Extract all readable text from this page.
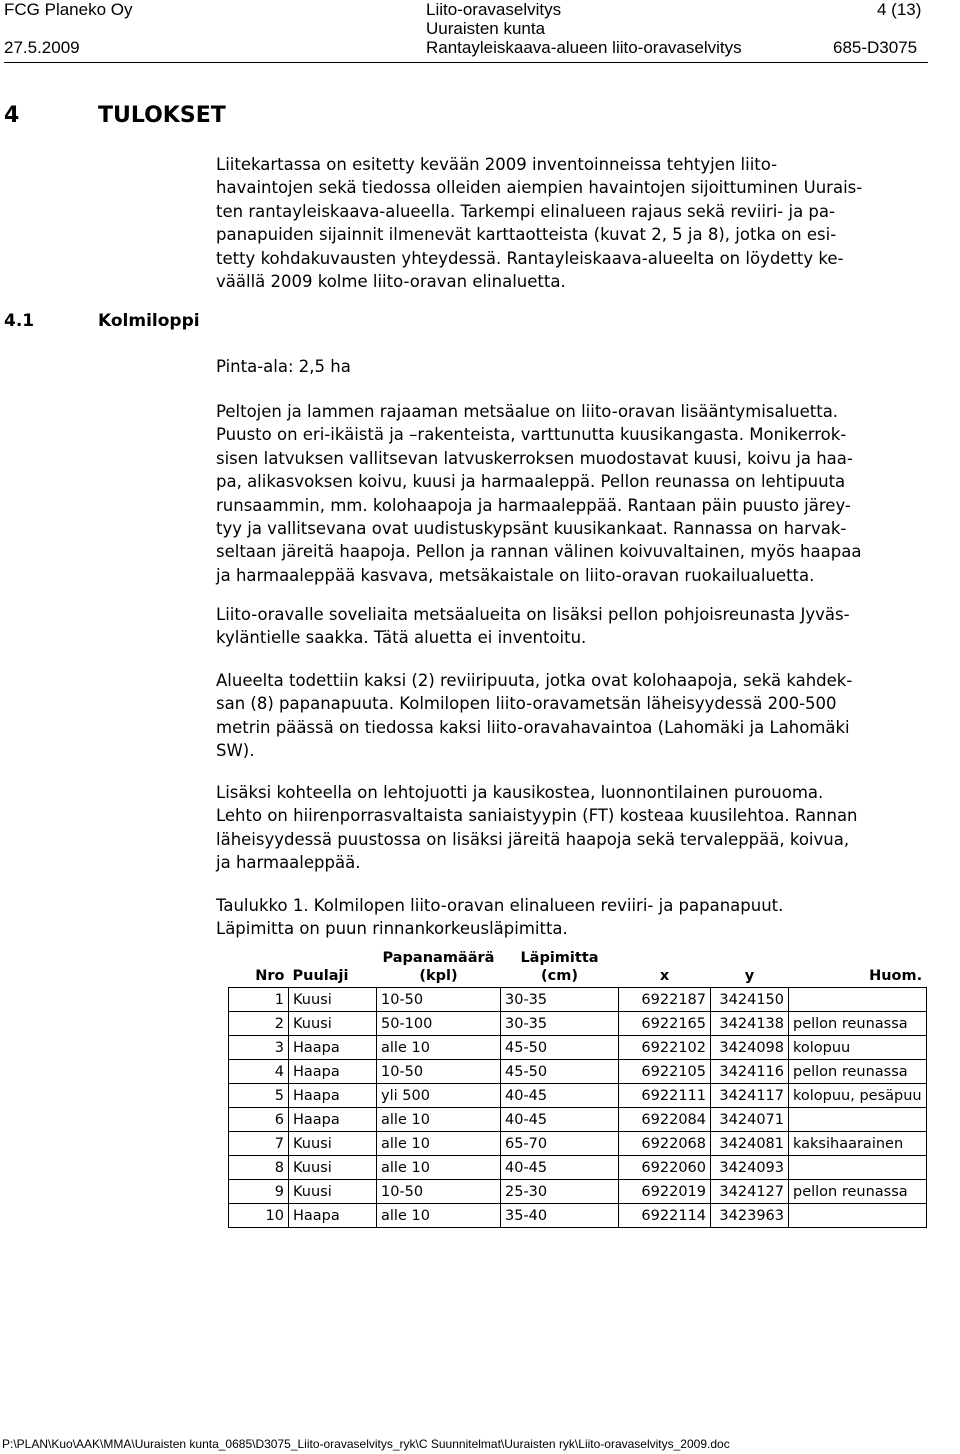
FCG Planeko Oy	Liito-oravaselvitys
Uuraisten kunta
Rantayleiskaava-alueen liito-oravaselvitys
4 (13)
27.5.2009	685-D3075
4	TULOKSET
4.1	Kolmiloppi
Liitekartassa on esitetty kevään 2009 inventoinneissa tehtyjen liito-
havaintojen sekä tiedossa olleiden aiempien havaintojen sijoittuminen Uurais-
ten rantayleiskaava-alueella. Tarkempi elinalueen rajaus sekä reviiri- ja pa-
panapuiden sijainnit ilmenevät karttaotteista (kuvat 2, 5 ja 8), jotka on esi-
tetty kohdakuvausten yhteydessä. Rantayleiskaava-alueelta on löydetty ke-
väällä 2009 kolme liito-oravan elinaluetta.
Pinta-ala: 2,5 ha
Peltojen ja lammen rajaaman metsäalue on liito-oravan lisääntymisaluetta.
Puusto on eri-ikäistä ja –rakenteista, varttunutta kuusikangasta. Monikerrok-
sisen latvuksen vallitsevan latvuskerroksen muodostavat kuusi, koivu ja haa-
pa, alikasvoksen koivu, kuusi ja harmaaleppä. Pellon reunassa on lehtipuuta
runsaammin, mm. kolohaapoja ja harmaaleppää. Rantaan päin puusto järey-
tyy ja vallitsevana ovat uudistuskypsänt kuusikankaat. Rannassa on harvak-
seltaan järeitä haapoja. Pellon ja rannan välinen koivuvaltainen, myös haapaa
ja harmaaleppää kasvava, metsäkaistale on liito-oravan ruokailualuetta.
Liito-oravalle soveliaita metsäalueita on lisäksi pellon pohjoisreunasta Jyväs-
kyläntielle saakka. Tätä aluetta ei inventoitu.
Alueelta todettiin kaksi (2) reviiripuuta, jotka ovat kolohaapoja, sekä kahdek-
san (8) papanapuuta. Kolmilopen liito-oravametsän läheisyydessä 200-500
metrin päässä on tiedossa kaksi liito-oravahavaintoa (Lahomäki ja Lahomäki
SW).
Lisäksi kohteella on lehtojuotti ja kausikostea, luonnontilainen purouoma.
Lehto on hiirenporrasvaltaista saniaistyypin (FT) kosteaa kuusilehtoa. Rannan
läheisyydessä puustossa on lisäksi järeitä haapoja sekä tervaleppää, koivua,
ja harmaaleppää.
Taulukko 1. Kolmilopen liito-oravan elinalueen reviiri- ja papanapuut.
Läpimitta on puun rinnankorkeusläpimitta.
Nro	Puulaji	Papanamäärä (kpl)	Läpimitta (cm)	x	y	Huom.
1	Kuusi	10-50	30-35	6922187	3424150	
2	Kuusi	50-100	30-35	6922165	3424138	pellon reunassa
3	Haapa	alle 10	45-50	6922102	3424098	kolopuu
4	Haapa	10-50	45-50	6922105	3424116	pellon reunassa
5	Haapa	yli 500	40-45	6922111	3424117	kolopuu, pesäpuu
6	Haapa	alle 10	40-45	6922084	3424071	
7	Kuusi	alle 10	65-70	6922068	3424081	kaksihaarainen
8	Kuusi	alle 10	40-45	6922060	3424093	
9	Kuusi	10-50	25-30	6922019	3424127	pellon reunassa
10	Haapa	alle 10	35-40	6922114	3423963	
P:\PLAN\Kuo\AAK\MMA\Uuraisten kunta_0685\D3075_Liito-oravaselvitys_ryk\C Suunnitelmat\Uuraisten ryk\Liito-oravaselvitys_2009.doc
